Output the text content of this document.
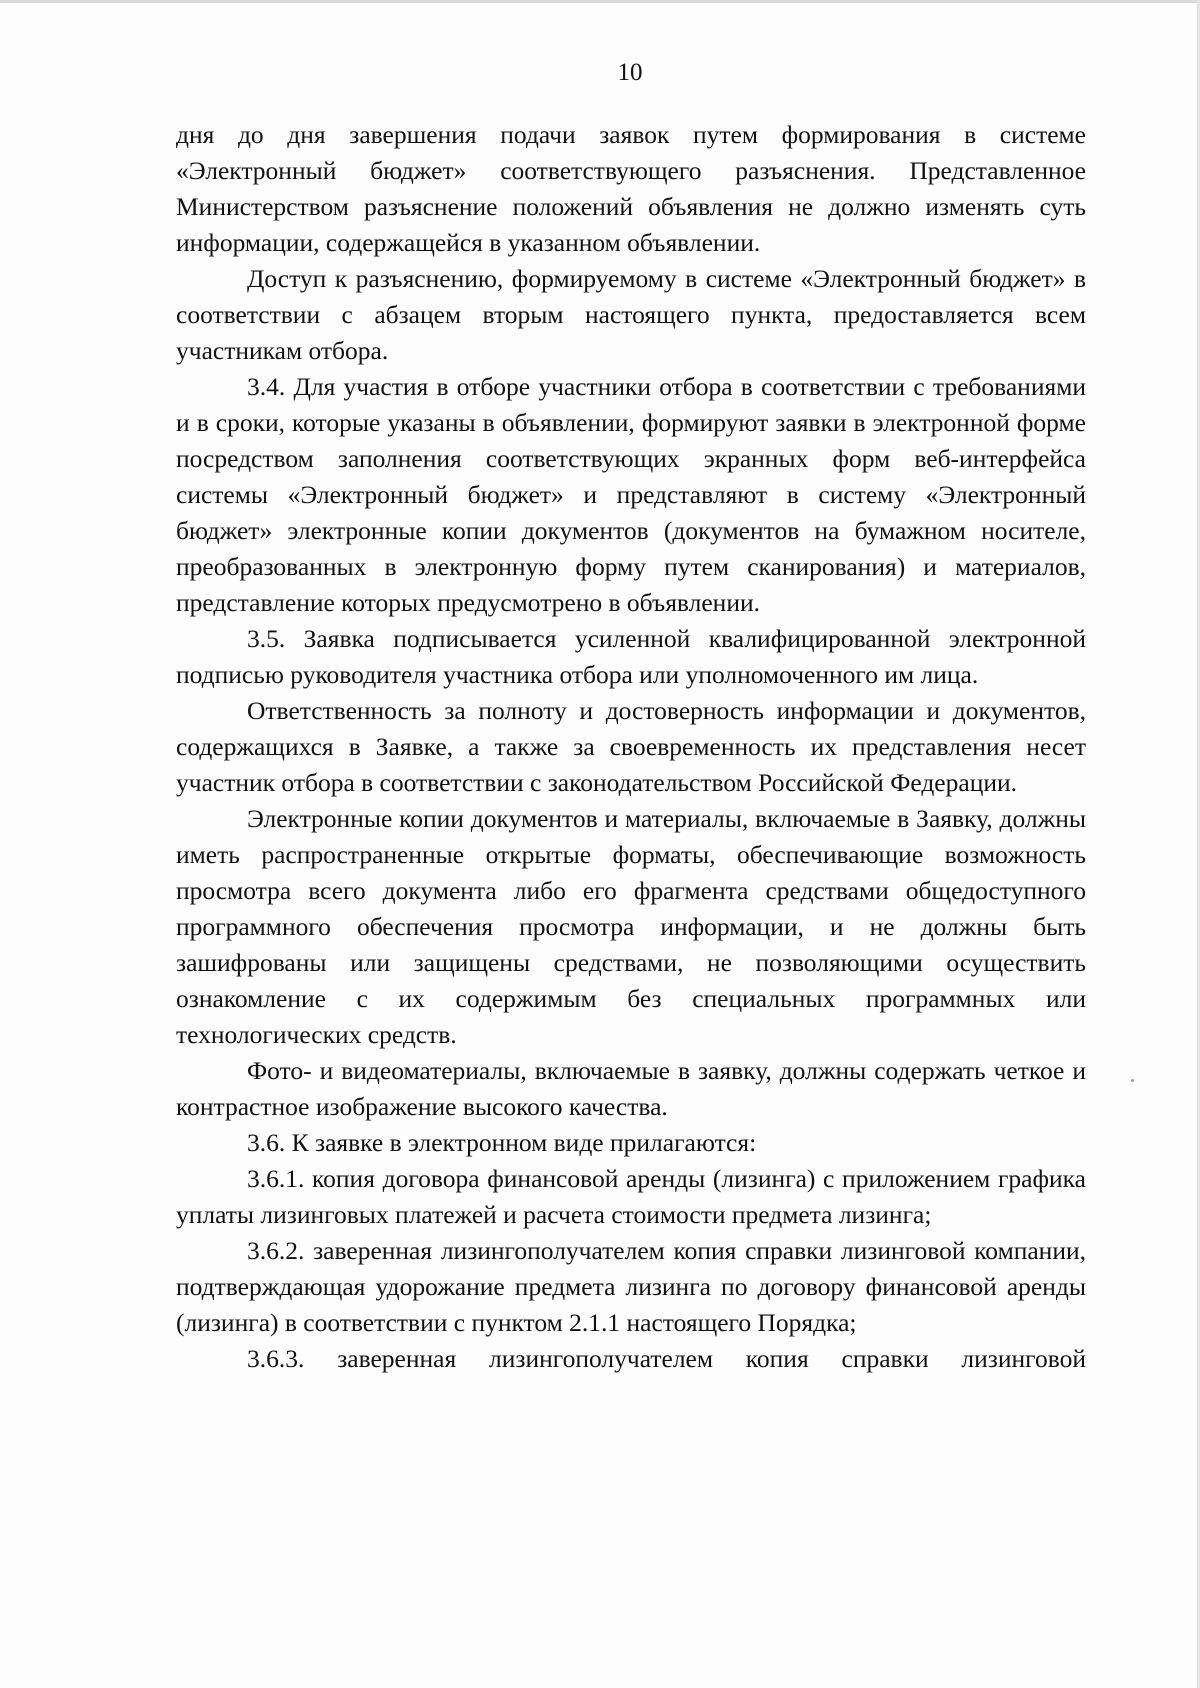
10

дня до дня завершения подачи заявок путем формирования в системе «Электронный бюджет» соответствующего разъяснения. Представленное Министерством разъяснение положений объявления не должно изменять суть информации, содержащейся в указанном объявлении.

Доступ к разъяснению, формируемому в системе «Электронный бюджет» в соответствии с абзацем вторым настоящего пункта, предоставляется всем участникам отбора.

3.4. Для участия в отборе участники отбора в соответствии с требованиями и в сроки, которые указаны в объявлении, формируют заявки в электронной форме посредством заполнения соответствующих экранных форм веб-интерфейса системы «Электронный бюджет» и представляют в систему «Электронный бюджет» электронные копии документов (документов на бумажном носителе, преобразованных в электронную форму путем сканирования) и материалов, представление которых предусмотрено в объявлении.

3.5. Заявка подписывается усиленной квалифицированной электронной подписью руководителя участника отбора или уполномоченного им лица.

Ответственность за полноту и достоверность информации и документов, содержащихся в Заявке, а также за своевременность их представления несет участник отбора в соответствии с законодательством Российской Федерации.

Электронные копии документов и материалы, включаемые в Заявку, должны иметь распространенные открытые форматы, обеспечивающие возможность просмотра всего документа либо его фрагмента средствами общедоступного программного обеспечения просмотра информации, и не должны быть зашифрованы или защищены средствами, не позволяющими осуществить ознакомление с их содержимым без специальных программных или технологических средств.

Фото- и видеоматериалы, включаемые в заявку, должны содержать четкое и контрастное изображение высокого качества.

3.6. К заявке в электронном виде прилагаются:

3.6.1. копия договора финансовой аренды (лизинга) с приложением графика уплаты лизинговых платежей и расчета стоимости предмета лизинга;

3.6.2. заверенная лизингополучателем копия справки лизинговой компании, подтверждающая удорожание предмета лизинга по договору финансовой аренды (лизинга) в соответствии с пунктом 2.1.1 настоящего Порядка;

3.6.3. заверенная лизингополучателем копия справки лизинговой
